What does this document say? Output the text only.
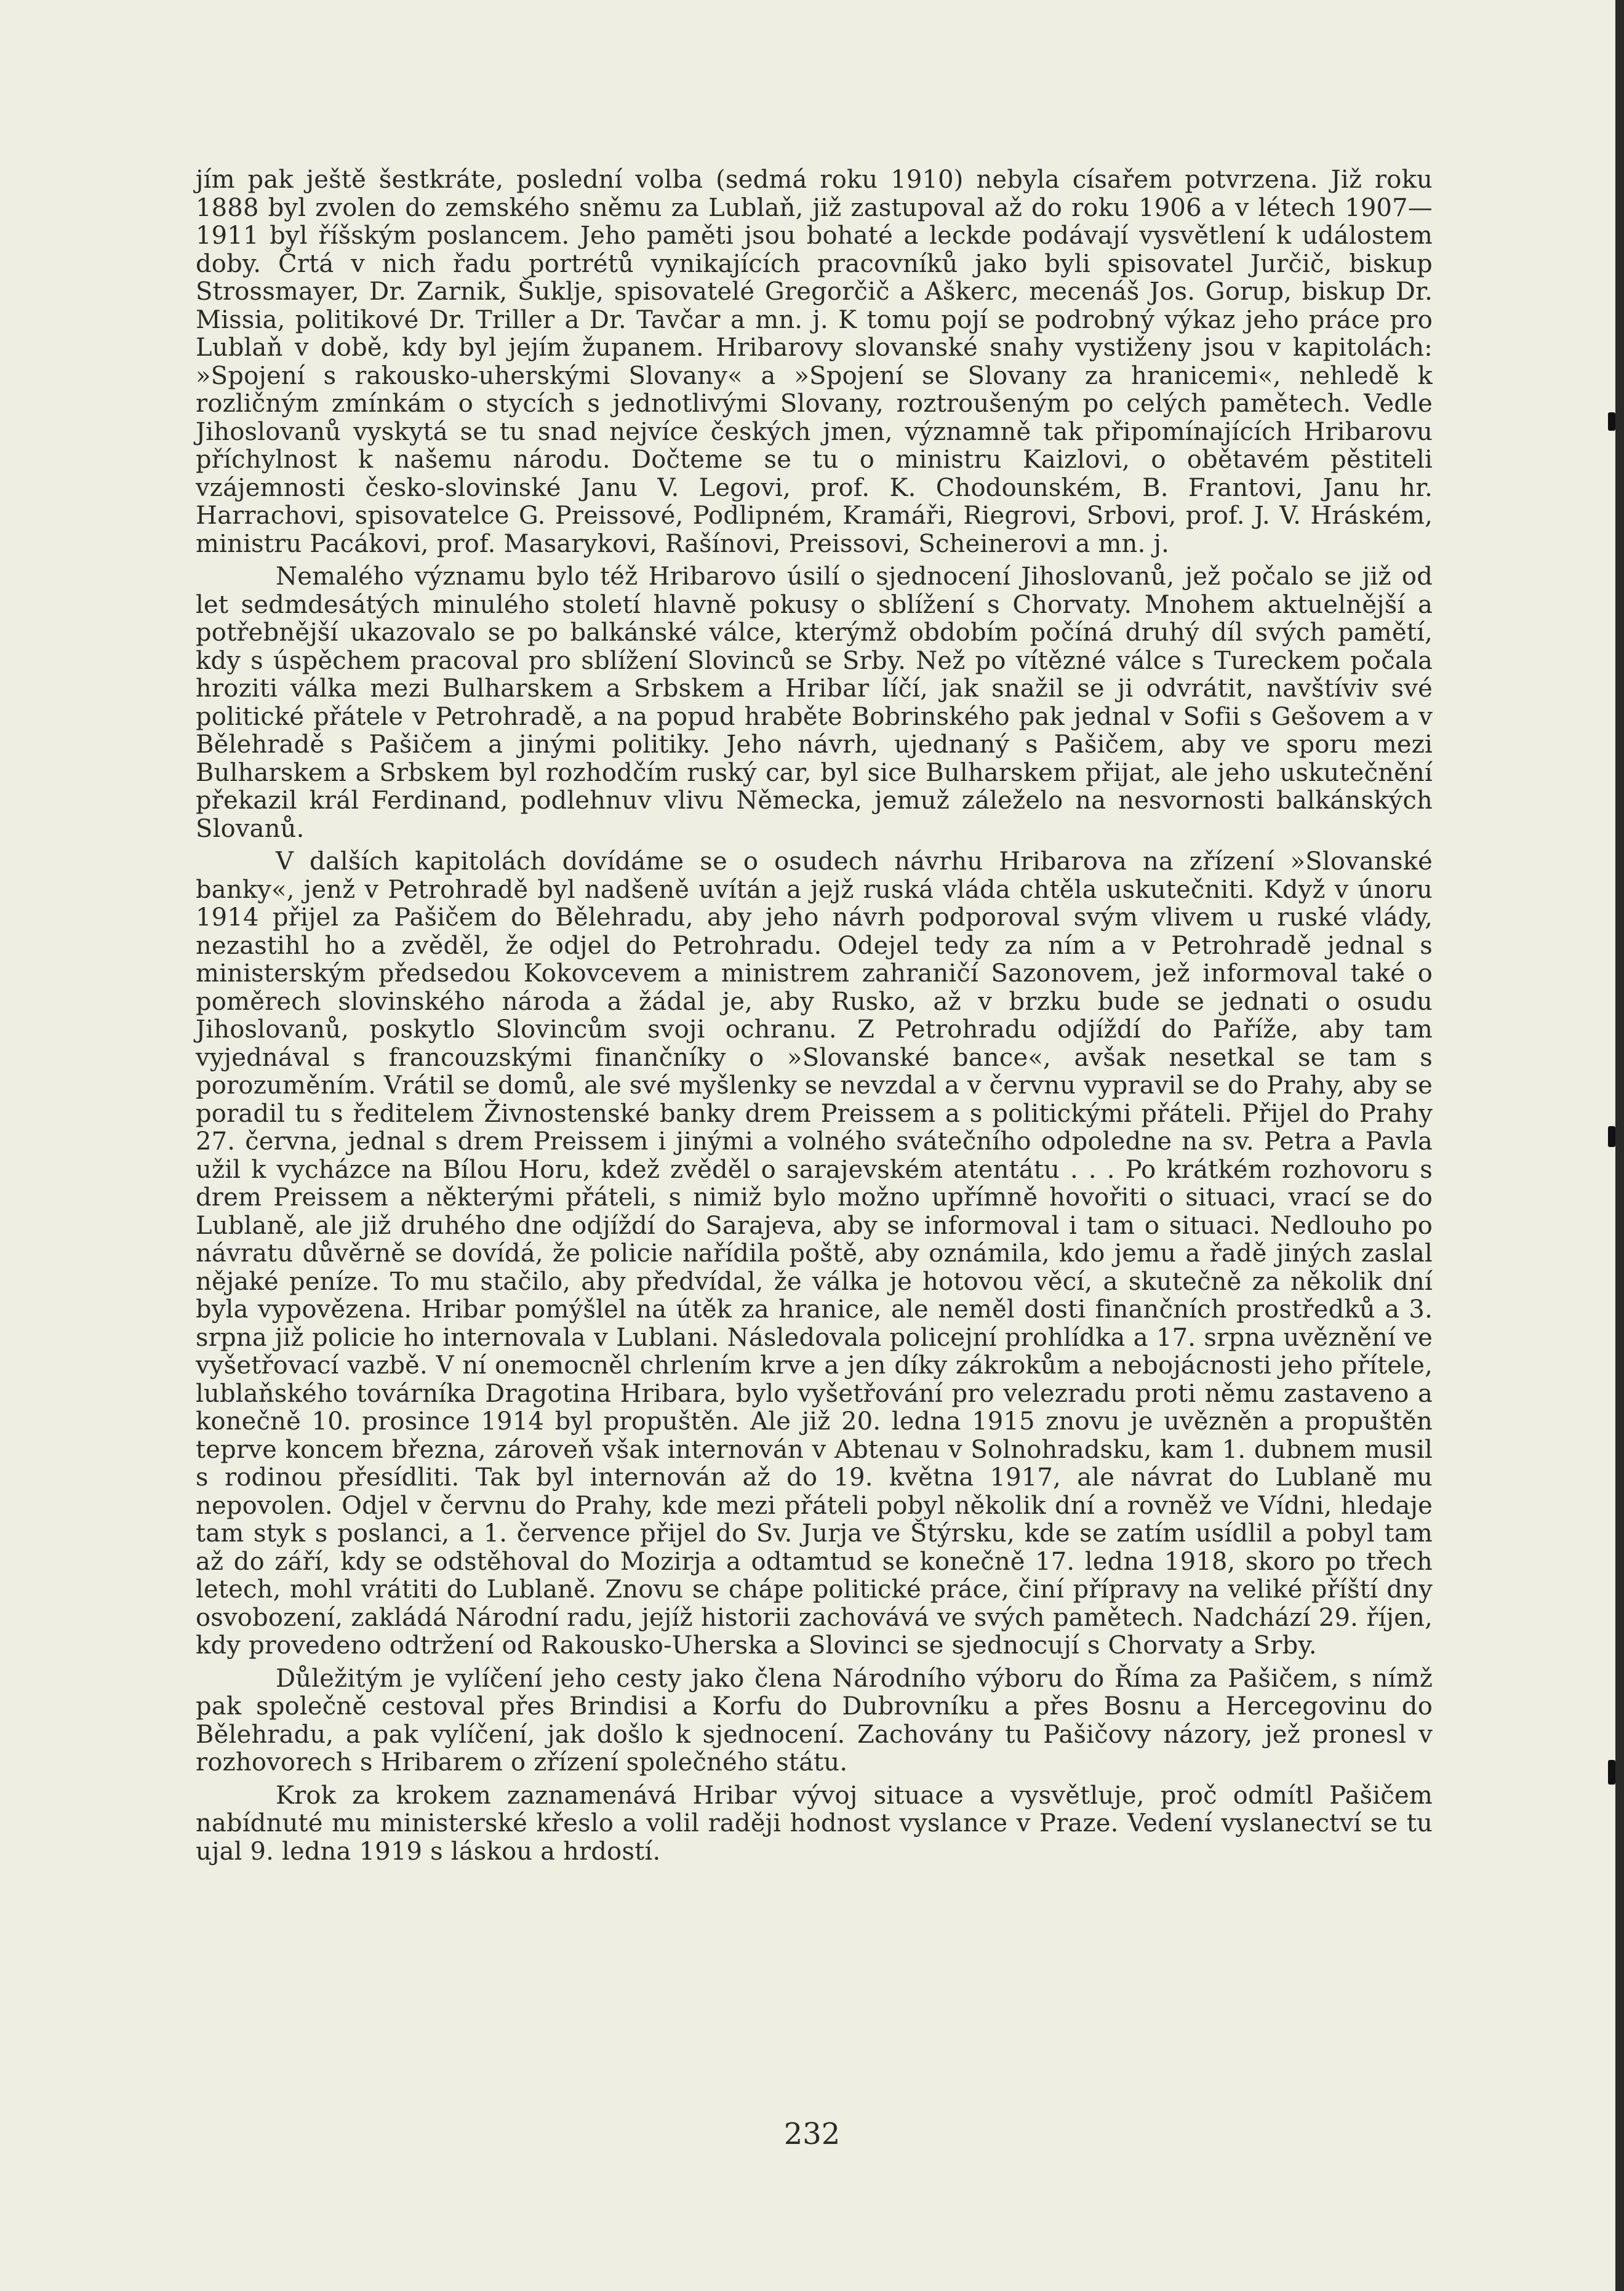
jím pak ještě šestkráte, poslední volba (sedmá roku 1910) nebyla císařem potvrzena. Již roku 1888 byl zvolen do zemského sněmu za Lublaň, již zastupoval až do roku 1906 a v létech 1907—1911 byl říšským poslancem. Jeho paměti jsou bohaté a leckde podávají vysvětlení k událostem doby. Črtá v nich řadu portrétů vynikajících pracovníků jako byli spisovatel Jurčič, biskup Strossmayer, Dr. Zarnik, Šuklje, spisovatelé Gregorčič a Aškerc, mecenáš Jos. Gorup, biskup Dr. Missia, politikové Dr. Triller a Dr. Tavčar a mn. j. K tomu pojí se podrobný výkaz jeho práce pro Lublaň v době, kdy byl jejím županem. Hribarovy slovanské snahy vystiženy jsou v kapitolách: »Spojení s rakousko-uherskými Slovany« a »Spojení se Slovany za hranicemi«, nehledě k rozličným zmínkám o stycích s jednotlivými Slovany, roztroušeným po celých pamětech. Vedle Jihoslovanů vyskytá se tu snad nejvíce českých jmen, významně tak připomínajících Hribarovu příchylnost k našemu národu. Dočteme se tu o ministru Kaizlovi, o obětavém pěstiteli vzájemnosti česko-slovinské Janu V. Legovi, prof. K. Chodounském, B. Frantovi, Janu hr. Harrachovi, spisovatelce G. Preissové, Podlipném, Kramáři, Riegrovi, Srbovi, prof. J. V. Hráském, ministru Pacákovi, prof. Masarykovi, Rašínovi, Preissovi, Scheinerovi a mn. j.

Nemalého významu bylo též Hribarovo úsilí o sjednocení Jihoslovanů, jež počalo se již od let sedmdesátých minulého století hlavně pokusy o sblížení s Chorvaty. Mnohem aktuelnější a potřebnější ukazovalo se po balkánské válce, kterýmž obdobím počíná druhý díl svých pamětí, kdy s úspěchem pracoval pro sblížení Slovinců se Srby. Než po vítězné válce s Tureckem počala hroziti válka mezi Bulharskem a Srbskem a Hribar líčí, jak snažil se ji odvrátit, navštíviv své politické přátele v Petrohradě, a na popud hraběte Bobrinského pak jednal v Sofii s Gešovem a v Bělehradě s Pašičem a jinými politiky. Jeho návrh, ujednaný s Pašičem, aby ve sporu mezi Bulharskem a Srbskem byl rozhodčím ruský car, byl sice Bulharskem přijat, ale jeho uskutečnění překazil král Ferdinand, podlehnuv vlivu Německa, jemuž záleželo na nesvornosti balkánských Slovanů.

V dalších kapitolách dovídáme se o osudech návrhu Hribarova na zřízení »Slovanské banky«, jenž v Petrohradě byl nadšeně uvítán a jejž ruská vláda chtěla uskutečniti. Když v únoru 1914 přijel za Pašičem do Bělehradu, aby jeho návrh podporoval svým vlivem u ruské vlády, nezastihl ho a zvěděl, že odjel do Petrohradu. Odejel tedy za ním a v Petrohradě jednal s ministerským předsedou Kokovcevem a ministrem zahraničí Sazonovem, jež informoval také o poměrech slovinského národa a žádal je, aby Rusko, až v brzku bude se jednati o osudu Jihoslovanů, poskytlo Slovincům svoji ochranu. Z Petrohradu odjíždí do Paříže, aby tam vyjednával s francouzskými finančníky o »Slovanské bance«, avšak nesetkal se tam s porozuměním. Vrátil se domů, ale své myšlenky se nevzdal a v červnu vypravil se do Prahy, aby se poradil tu s ředitelem Živnostenské banky drem Preissem a s politickými přáteli. Přijel do Prahy 27. června, jednal s drem Preissem i jinými a volného svátečního odpoledne na sv. Petra a Pavla užil k vycházce na Bílou Horu, kdež zvěděl o sarajevském atentátu . . . Po krátkém rozhovoru s drem Preissem a některými přáteli, s nimiž bylo možno upřímně hovořiti o situaci, vrací se do Lublaně, ale již druhého dne odjíždí do Sarajeva, aby se informoval i tam o situaci. Nedlouho po návratu důvěrně se dovídá, že policie nařídila poště, aby oznámila, kdo jemu a řadě jiných zaslal nějaké peníze. To mu stačilo, aby předvídal, že válka je hotovou věcí, a skutečně za několik dní byla vypovězena. Hribar pomýšlel na útěk za hranice, ale neměl dosti finančních prostředků a 3. srpna již policie ho internovala v Lublani. Následovala policejní prohlídka a 17. srpna uvěznění ve vyšetřovací vazbě. V ní onemocněl chrlením krve a jen díky zákrokům a nebojácnosti jeho přítele, lublaňského továrníka Dragotina Hribara, bylo vyšetřování pro velezradu proti němu zastaveno a konečně 10. prosince 1914 byl propuštěn. Ale již 20. ledna 1915 znovu je uvězněn a propuštěn teprve koncem března, zároveň však internován v Abtenau v Solnohradsku, kam 1. dubnem musil s rodinou přesídliti. Tak byl internován až do 19. května 1917, ale návrat do Lublaně mu nepovolen. Odjel v červnu do Prahy, kde mezi přáteli pobyl několik dní a rovněž ve Vídni, hledaje tam styk s poslanci, a 1. července přijel do Sv. Jurja ve Štýrsku, kde se zatím usídlil a pobyl tam až do září, kdy se odstěhoval do Mozirja a odtamtud se konečně 17. ledna 1918, skoro po třech letech, mohl vrátiti do Lublaně. Znovu se chápe politické práce, činí přípravy na veliké příští dny osvobození, zakládá Národní radu, jejíž historii zachovává ve svých pamětech. Nadchází 29. říjen, kdy provedeno odtržení od Rakousko-Uherska a Slovinci se sjednocují s Chorvaty a Srby.

Důležitým je vylíčení jeho cesty jako člena Národního výboru do Říma za Pašičem, s nímž pak společně cestoval přes Brindisi a Korfu do Dubrovníku a přes Bosnu a Hercegovinu do Bělehradu, a pak vylíčení, jak došlo k sjednocení. Zachovány tu Pašičovy názory, jež pronesl v rozhovorech s Hribarem o zřízení společného státu.

Krok za krokem zaznamenává Hribar vývoj situace a vysvětluje, proč odmítl Pašičem nabídnuté mu ministerské křeslo a volil raději hodnost vyslance v Praze. Vedení vyslanectví se tu ujal 9. ledna 1919 s láskou a hrdostí.

232
